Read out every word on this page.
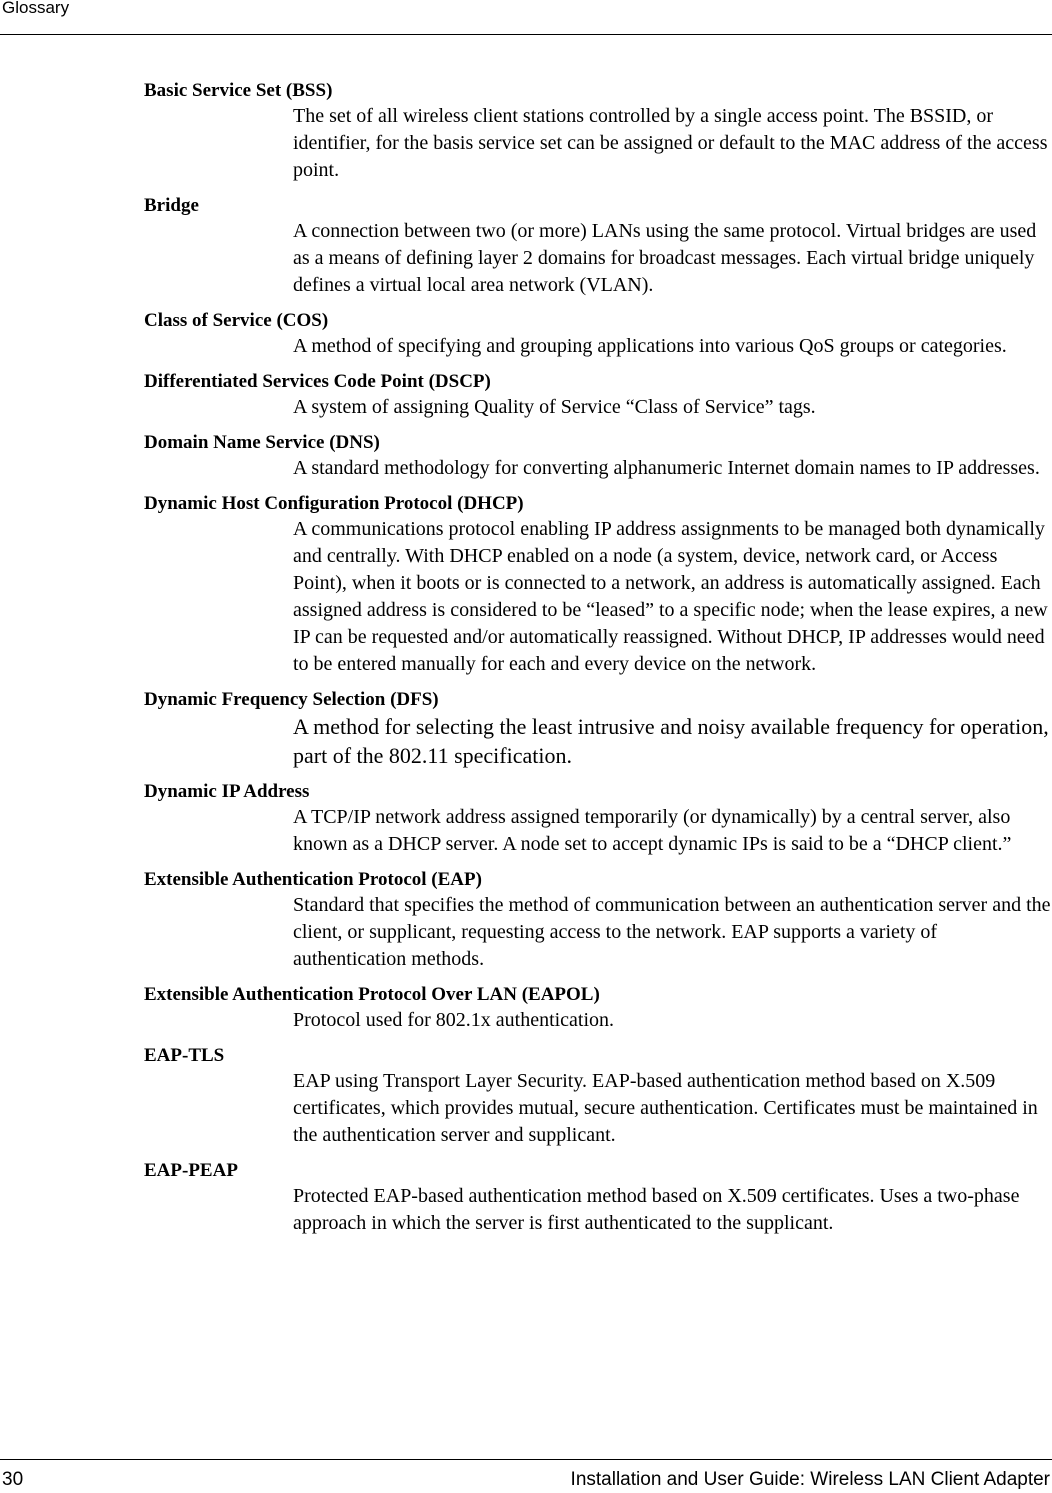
Glossary
Basic Service Set (BSS)
The set of all wireless client stations controlled by a single access point. The BSSID, or identifier, for the basis service set can be assigned or default to the MAC address of the access point.
Bridge
A connection between two (or more) LANs using the same protocol. Virtual bridges are used as a means of defining layer 2 domains for broadcast messages. Each virtual bridge uniquely defines a virtual local area network (VLAN).
Class of Service (COS)
A method of specifying and grouping applications into various QoS groups or categories.
Differentiated Services Code Point (DSCP)
A system of assigning Quality of Service “Class of Service” tags.
Domain Name Service (DNS)
A standard methodology for converting alphanumeric Internet domain names to IP addresses.
Dynamic Host Configuration Protocol (DHCP)
A communications protocol enabling IP address assignments to be managed both dynamically and centrally. With DHCP enabled on a node (a system, device, network card, or Access Point), when it boots or is connected to a network, an address is automatically assigned. Each assigned address is considered to be “leased” to a specific node; when the lease expires, a new IP can be requested and/or automatically reassigned. Without DHCP, IP addresses would need to be entered manually for each and every device on the network.
Dynamic Frequency Selection (DFS)
A method for selecting the least intrusive and noisy available frequency for operation, part of the 802.11 specification.
Dynamic IP Address
A TCP/IP network address assigned temporarily (or dynamically) by a central server, also known as a DHCP server. A node set to accept dynamic IPs is said to be a “DHCP client.”
Extensible Authentication Protocol (EAP)
Standard that specifies the method of communication between an authentication server and the client, or supplicant, requesting access to the network. EAP supports a variety of authentication methods.
Extensible Authentication Protocol Over LAN (EAPOL)
Protocol used for 802.1x authentication.
EAP-TLS
EAP using Transport Layer Security. EAP-based authentication method based on X.509 certificates, which provides mutual, secure authentication. Certificates must be maintained in the authentication server and supplicant.
EAP-PEAP
Protected EAP-based authentication method based on X.509 certificates. Uses a two-phase approach in which the server is first authenticated to the supplicant.
30	Installation and User Guide: Wireless LAN Client Adapter
